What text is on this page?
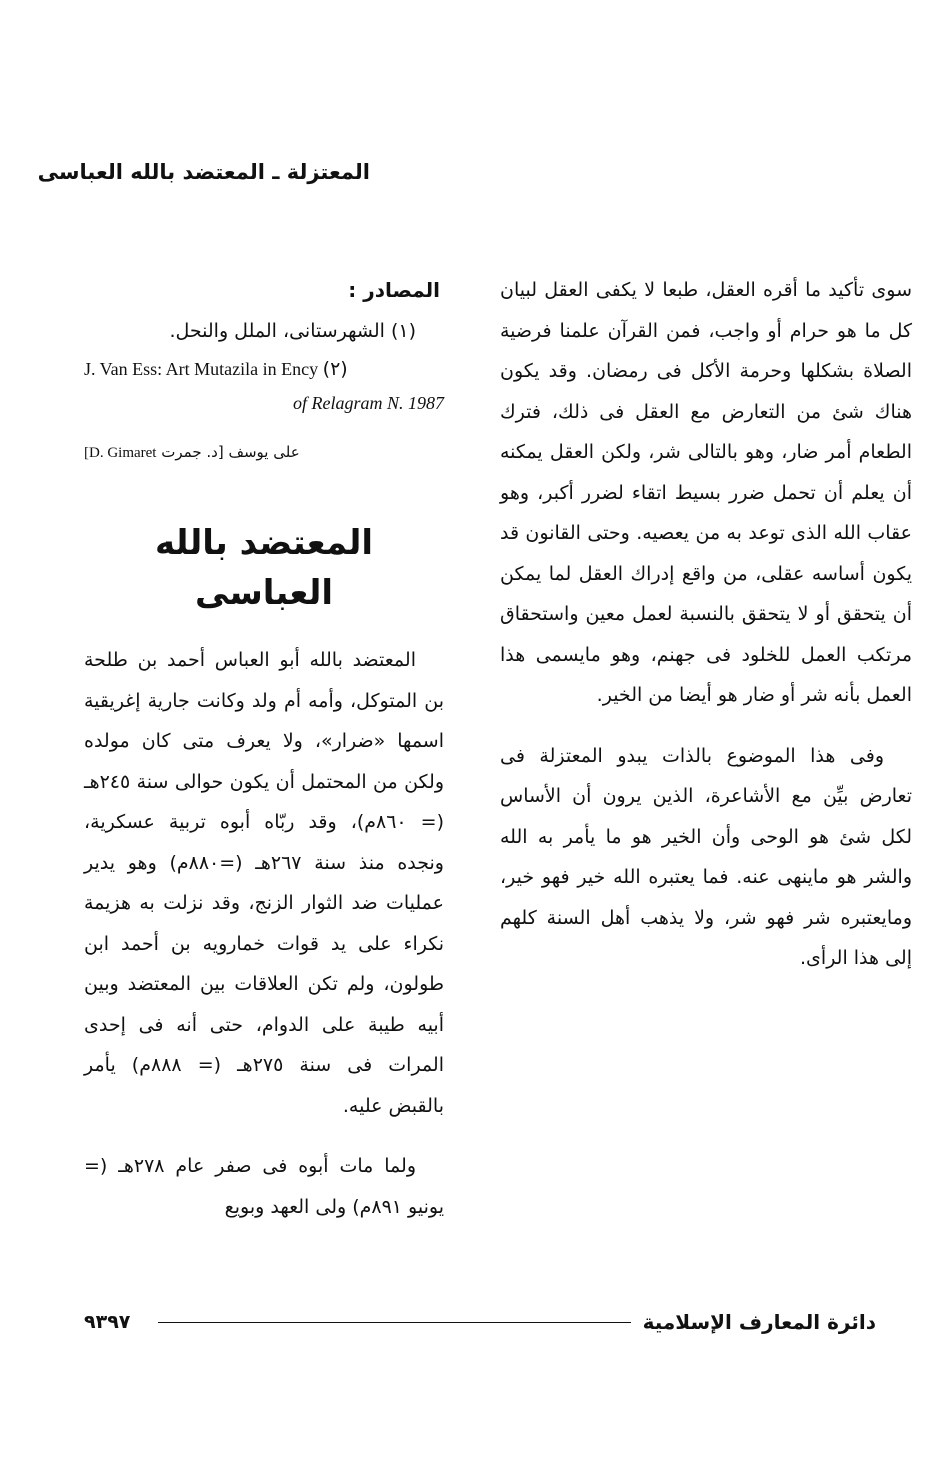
المعتزلة ـ المعتضد بالله العباسى

سوى تأكيد ما أقره العقل، طبعا لا يكفى العقل لبيان كل ما هو حرام أو واجب، فمن القرآن علمنا فرضية الصلاة بشكلها وحرمة الأكل فى رمضان. وقد يكون هناك شئ من التعارض مع العقل فى ذلك، فترك الطعام أمر ضار، وهو بالتالى شر، ولكن العقل يمكنه أن يعلم أن تحمل ضرر بسيط اتقاء لضرر أكبر، وهو عقاب الله الذى توعد به من يعصيه. وحتى القانون قد يكون أساسه عقلى، من واقع إدراك العقل لما يمكن أن يتحقق أو لا يتحقق بالنسبة لعمل معين واستحقاق مرتكب العمل للخلود فى جهنم، وهو مايسمى هذا العمل بأنه شر أو ضار هو أيضا من الخير.

وفى هذا الموضوع بالذات يبدو المعتزلة فى تعارض بيِّن مع الأشاعرة، الذين يرون أن الأساس لكل شئ هو الوحى وأن الخير هو ما يأمر به الله والشر هو ماينهى عنه. فما يعتبره الله خير فهو خير، ومايعتبره شر فهو شر، ولا يذهب أهل السنة كلهم إلى هذا الرأى.

المصادر :

(١) الشهرستانى، الملل والنحل.

J. Van Ess: Art Mutazila in Ency (٢)

of Relagram N. 1987

[D. Gimaret على يوسف [د. جمرت

المعتضد بالله العباسى

المعتضد بالله أبو العباس أحمد بن طلحة بن المتوكل، وأمه أم ولد وكانت جارية إغريقية اسمها «ضرار»، ولا يعرف متى كان مولده ولكن من المحتمل أن يكون حوالى سنة ٢٤٥هـ (= ٨٦٠م)، وقد ربّاه أبوه تربية عسكرية، ونجده منذ سنة ٢٦٧هـ (=٨٨٠م) وهو يدير عمليات ضد الثوار الزنج، وقد نزلت به هزيمة نكراء على يد قوات خمارويه بن أحمد ابن طولون، ولم تكن العلاقات بين المعتضد وبين أبيه طيبة على الدوام، حتى أنه فى إحدى المرات فى سنة ٢٧٥هـ (= ٨٨٨م) يأمر بالقبض عليه.

ولما مات أبوه فى صفر عام ٢٧٨هـ (= يونيو ٨٩١م) ولى العهد وبويع

٩٣٩٧	دائرة المعارف الإسلامية
